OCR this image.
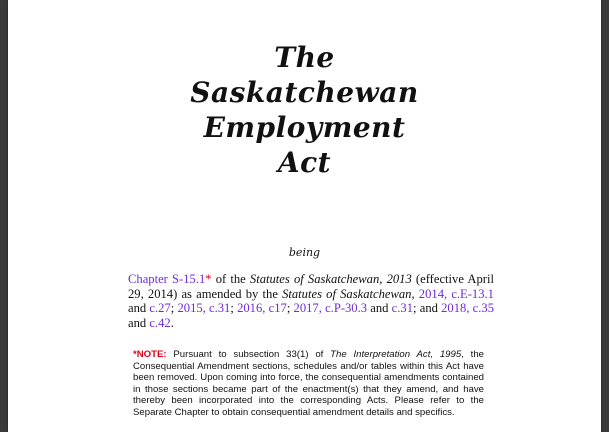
The
Saskatchewan
Employment
Act
being
Chapter S-15.1* of the Statutes of Saskatchewan, 2013 (effective April 29, 2014) as amended by the Statutes of Saskatchewan, 2014, c.E-13.1 and c.27; 2015, c.31; 2016, c17; 2017, c.P-30.3 and c.31; and 2018, c.35 and c.42.
*NOTE: Pursuant to subsection 33(1) of The Interpretation Act, 1995, the Consequential Amendment sections, schedules and/or tables within this Act have been removed. Upon coming into force, the consequential amendments contained in those sections became part of the enactment(s) that they amend, and have thereby been incorporated into the corresponding Acts. Please refer to the Separate Chapter to obtain consequential amendment details and specifics.
